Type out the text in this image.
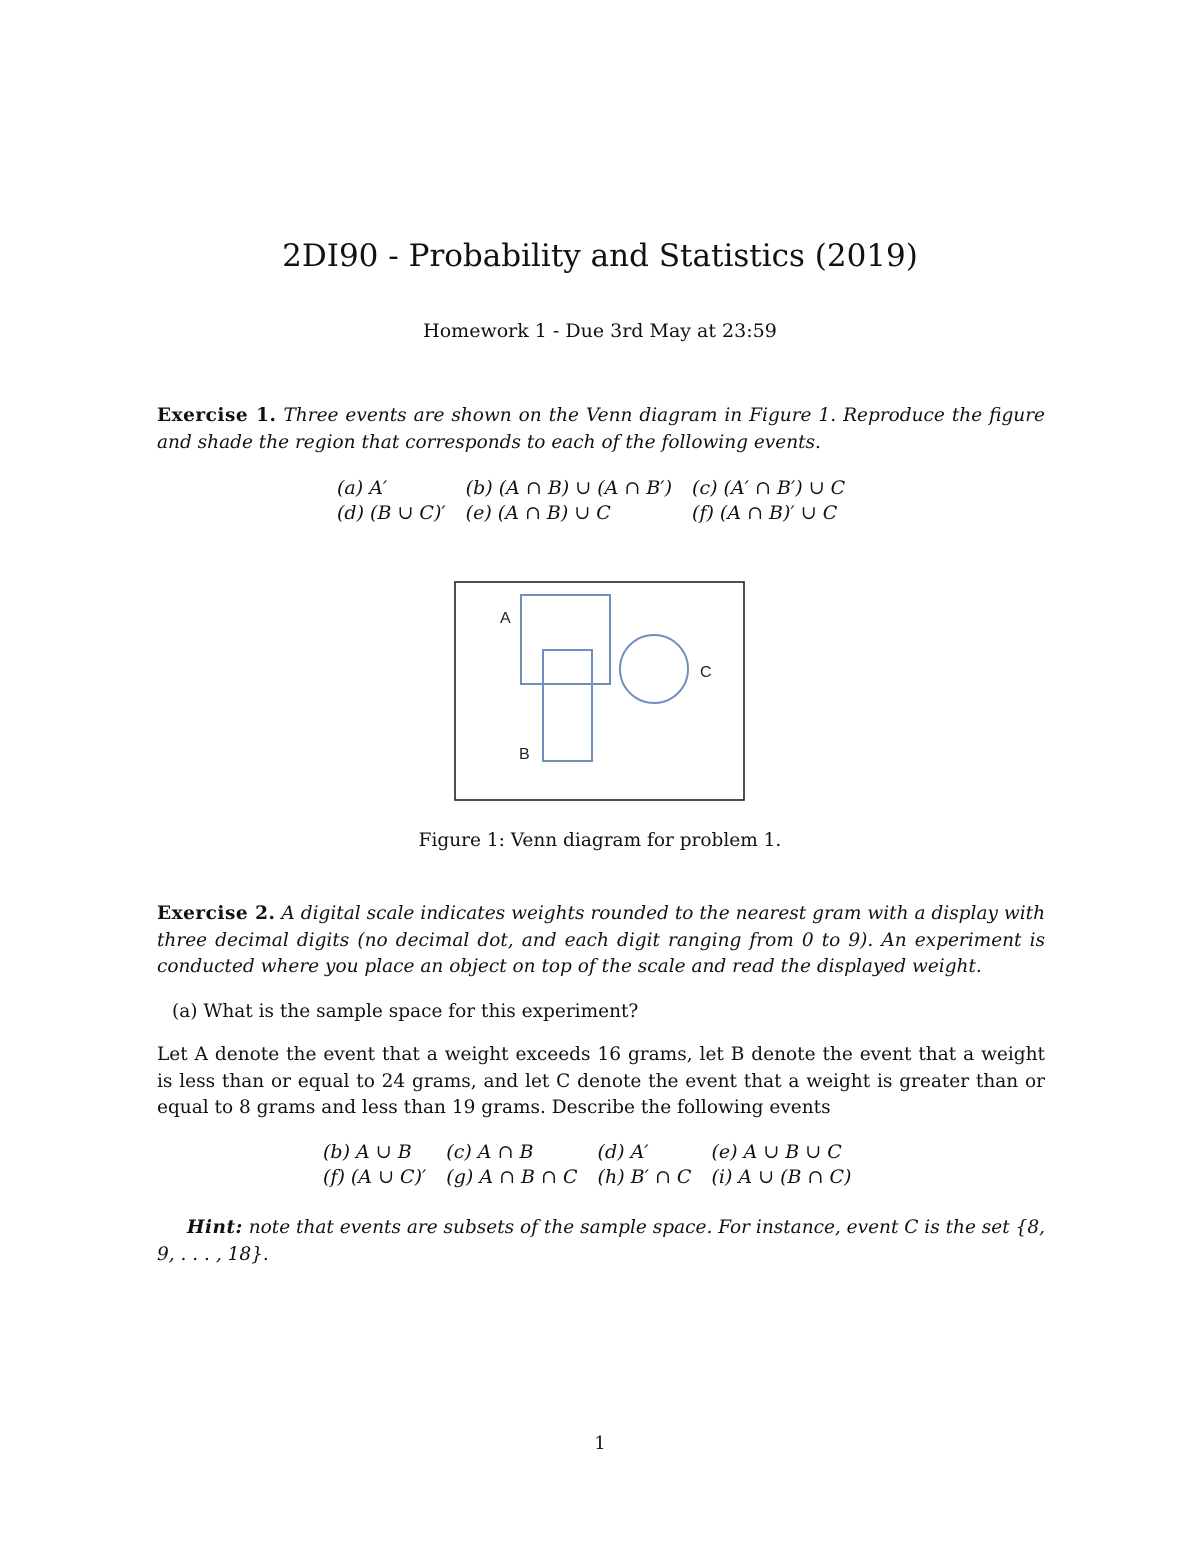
2DI90 - Probability and Statistics (2019)
Homework 1 - Due 3rd May at 23:59
Exercise 1. Three events are shown on the Venn diagram in Figure 1. Reproduce the figure and shade the region that corresponds to each of the following events.
(a) A′	(b) (A ∩ B) ∪ (A ∩ B′) (c) (A′ ∩ B′) ∪ C
(d) (B ∪ C)′ (e) (A ∩ B) ∪ C	(f) (A ∩ B)′ ∪ C
A
B
C
Figure 1: Venn diagram for problem 1.
Exercise 2. A digital scale indicates weights rounded to the nearest gram with a display with three decimal digits (no decimal dot, and each digit ranging from 0 to 9). An experiment is conducted where you place an object on top of the scale and read the displayed weight.
(a) What is the sample space for this experiment?
Let A denote the event that a weight exceeds 16 grams, let B denote the event that a weight is less than or equal to 24 grams, and let C denote the event that a weight is greater than or equal to 8 grams and less than 19 grams. Describe the following events
(b) A ∪ B	(c) A ∩ B	(d) A′	(e) A ∪ B ∪ C
(f) (A ∪ C)′ (g) A ∩ B ∩ C (h) B′ ∩ C (i) A ∪ (B ∩ C)
Hint: note that events are subsets of the sample space. For instance, event C is the set {8, 9, . . . , 18}.
1
